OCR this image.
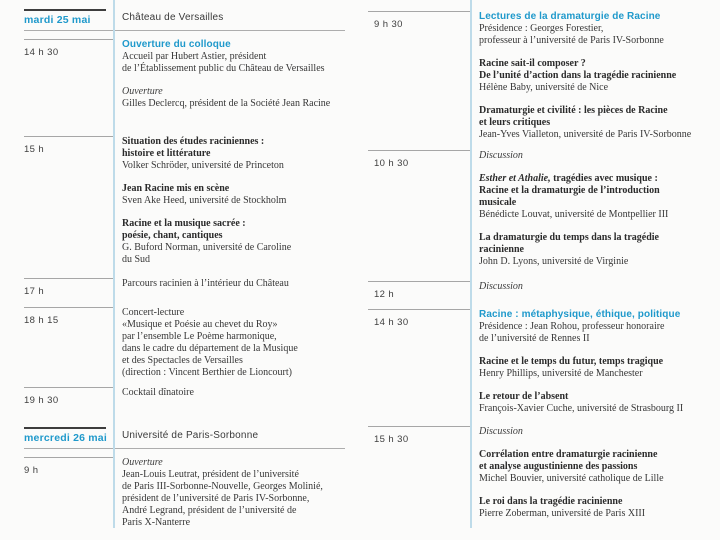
mardi 25 mai	Château de Versailles
14 h 30
Ouverture du colloque
Accueil par Hubert Astier, président
de l’Établissement public du Château de Versailles
Ouverture
Gilles Declercq, président de la Société Jean Racine
15 h
Situation des études raciniennes :
histoire et littérature
Volker Schröder, université de Princeton
Jean Racine mis en scène
Sven Ake Heed, université de Stockholm
Racine et la musique sacrée :
poésie, chant, cantiques
G. Buford Norman, université de Caroline
du Sud
17 h
Parcours racinien à l’intérieur du Château
18 h 15
Concert-lecture
«Musique et Poésie au chevet du Roy»
par l’ensemble Le Poème harmonique,
dans le cadre du département de la Musique
et des Spectacles de Versailles
(direction : Vincent Berthier de Lioncourt)
19 h 30
Cocktail dînatoire
mercredi 26 mai	Université de Paris-Sorbonne
9 h
Ouverture
Jean-Louis Leutrat, président de l’université
de Paris III-Sorbonne-Nouvelle, Georges Molinié,
président de l’université de Paris IV-Sorbonne,
André Legrand, président de l’université de
Paris X-Nanterre
9 h 30
Lectures de la dramaturgie de Racine
Présidence : Georges Forestier,
professeur à l’université de Paris IV-Sorbonne
Racine sait-il composer ?
De l’unité d’action dans la tragédie racinienne
Hélène Baby, université de Nice
Dramaturgie et civilité : les pièces de Racine
et leurs critiques
Jean-Yves Vialleton, université de Paris IV-Sorbonne
10 h 30
Discussion
Esther et Athalie, tragédies avec musique :
Racine et la dramaturgie de l’introduction
musicale
Bénédicte Louvat, université de Montpellier III
La dramaturgie du temps dans la tragédie
racinienne
John D. Lyons, université de Virginie
12 h
Discussion
14 h 30
Racine : métaphysique, éthique, politique
Présidence : Jean Rohou, professeur honoraire
de l’université de Rennes II
Racine et le temps du futur, temps tragique
Henry Phillips, université de Manchester
Le retour de l’absent
François-Xavier Cuche, université de Strasbourg II
15 h 30
Discussion
Corrélation entre dramaturgie racinienne
et analyse augustinienne des passions
Michel Bouvier, université catholique de Lille
Le roi dans la tragédie racinienne
Pierre Zoberman, université de Paris XIII
